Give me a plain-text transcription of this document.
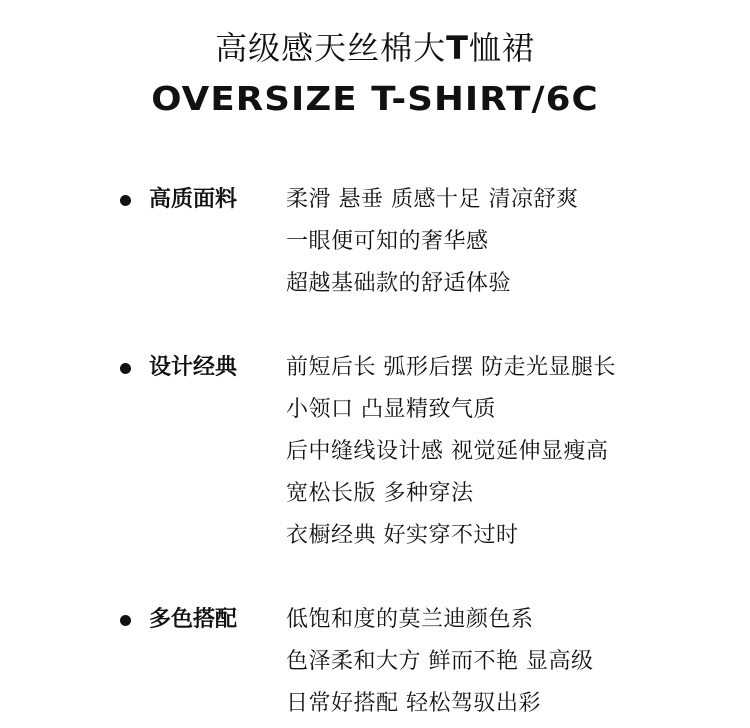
高级感天丝棉大T恤裙
OVERSIZE T-SHIRT/6C
高质面料 柔滑 悬垂 质感十足 清凉舒爽
一眼便可知的奢华感
超越基础款的舒适体验
设计经典 前短后长 弧形后摆 防走光显腿长
小领口 凸显精致气质
后中缝线设计感 视觉延伸显瘦高
宽松长版 多种穿法
衣橱经典 好实穿不过时
多色搭配 低饱和度的莫兰迪颜色系
色泽柔和大方 鲜而不艳 显高级
日常好搭配 轻松驾驭出彩
